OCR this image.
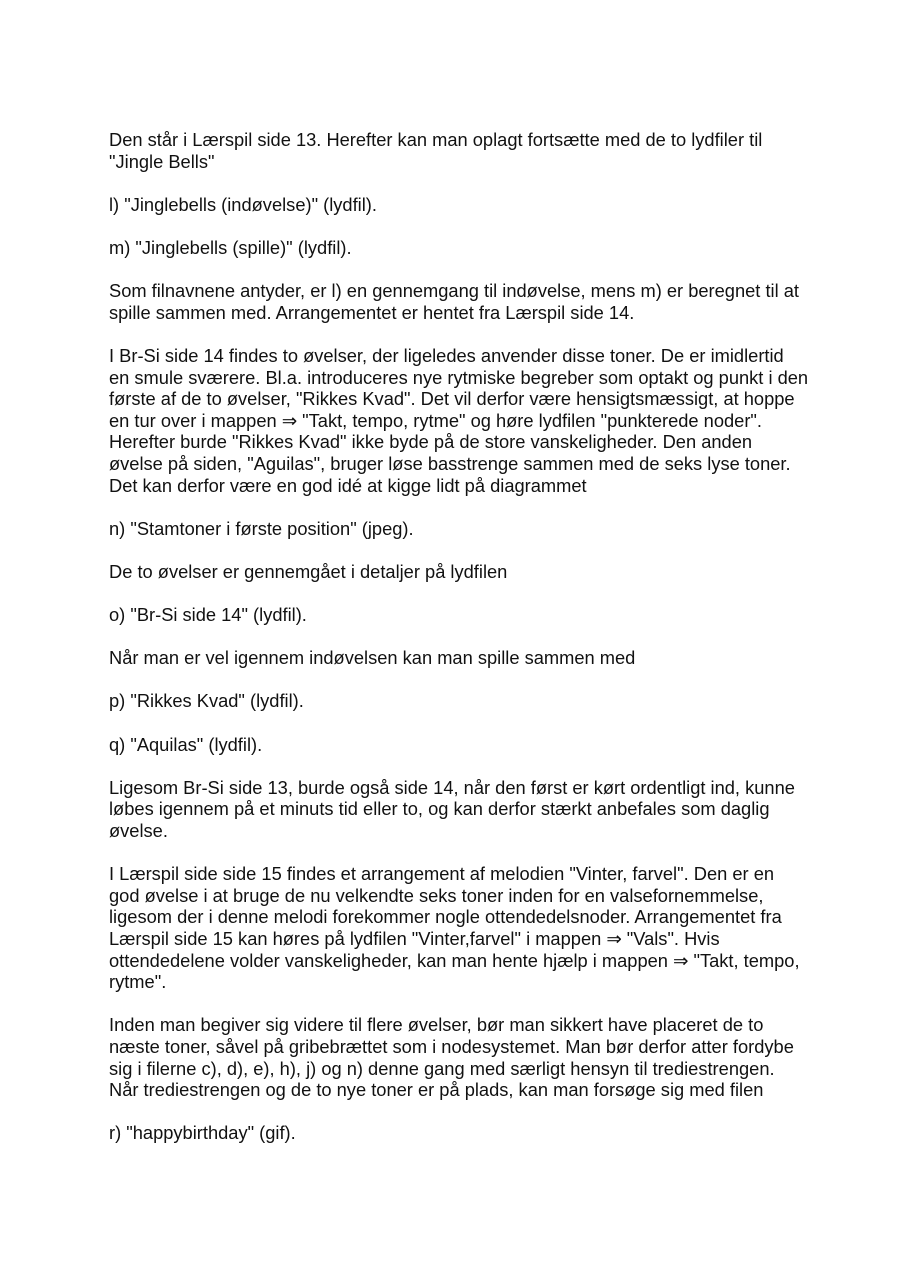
Den står i Lærspil side 13. Herefter kan man oplagt fortsætte med de to lydfiler til "Jingle Bells"

l) "Jinglebells (indøvelse)" (lydfil).

m) "Jinglebells (spille)" (lydfil).

Som filnavnene antyder, er l) en gennemgang til indøvelse, mens m) er beregnet til at spille sammen med. Arrangementet er hentet fra Lærspil side 14.

I Br-Si side 14 findes to øvelser, der ligeledes anvender disse toner. De er imidlertid en smule sværere. Bl.a. introduceres nye rytmiske begreber som optakt og punkt i den første af de to øvelser, "Rikkes Kvad". Det vil derfor være hensigtsmæssigt, at hoppe en tur over i mappen ⇒ "Takt, tempo, rytme" og høre lydfilen "punkterede noder". Herefter burde "Rikkes Kvad" ikke byde på de store vanskeligheder. Den anden øvelse på siden, "Aguilas", bruger løse basstrenge sammen med de seks lyse toner. Det kan derfor være en god idé at kigge lidt på diagrammet

n) "Stamtoner i første position" (jpeg).

De to øvelser er gennemgået i detaljer på lydfilen

o) "Br-Si side 14" (lydfil).

Når man er vel igennem indøvelsen kan man spille sammen med

p) "Rikkes Kvad" (lydfil).

q) "Aquilas" (lydfil).

Ligesom Br-Si side 13, burde også side 14, når den først er kørt ordentligt ind, kunne løbes igennem på et minuts tid eller to, og kan derfor stærkt anbefales som daglig øvelse.

I Lærspil side side 15 findes et arrangement af melodien "Vinter, farvel". Den er en god øvelse i at bruge de nu velkendte seks toner inden for en valsefornemmelse, ligesom der i denne melodi forekommer nogle ottendedelsnoder. Arrangementet fra Lærspil side 15 kan høres på lydfilen "Vinter,farvel" i mappen ⇒ "Vals". Hvis ottendedelene volder vanskeligheder, kan man hente hjælp i mappen ⇒ "Takt, tempo, rytme".

Inden man begiver sig videre til flere øvelser, bør man sikkert have placeret de to næste toner, såvel på gribebrættet som i nodesystemet. Man bør derfor atter fordybe sig i filerne c), d), e), h), j) og n) denne gang med særligt hensyn til trediestrengen. Når trediestrengen og de to nye toner er på plads, kan man forsøge sig med filen

r) "happybirthday" (gif).
